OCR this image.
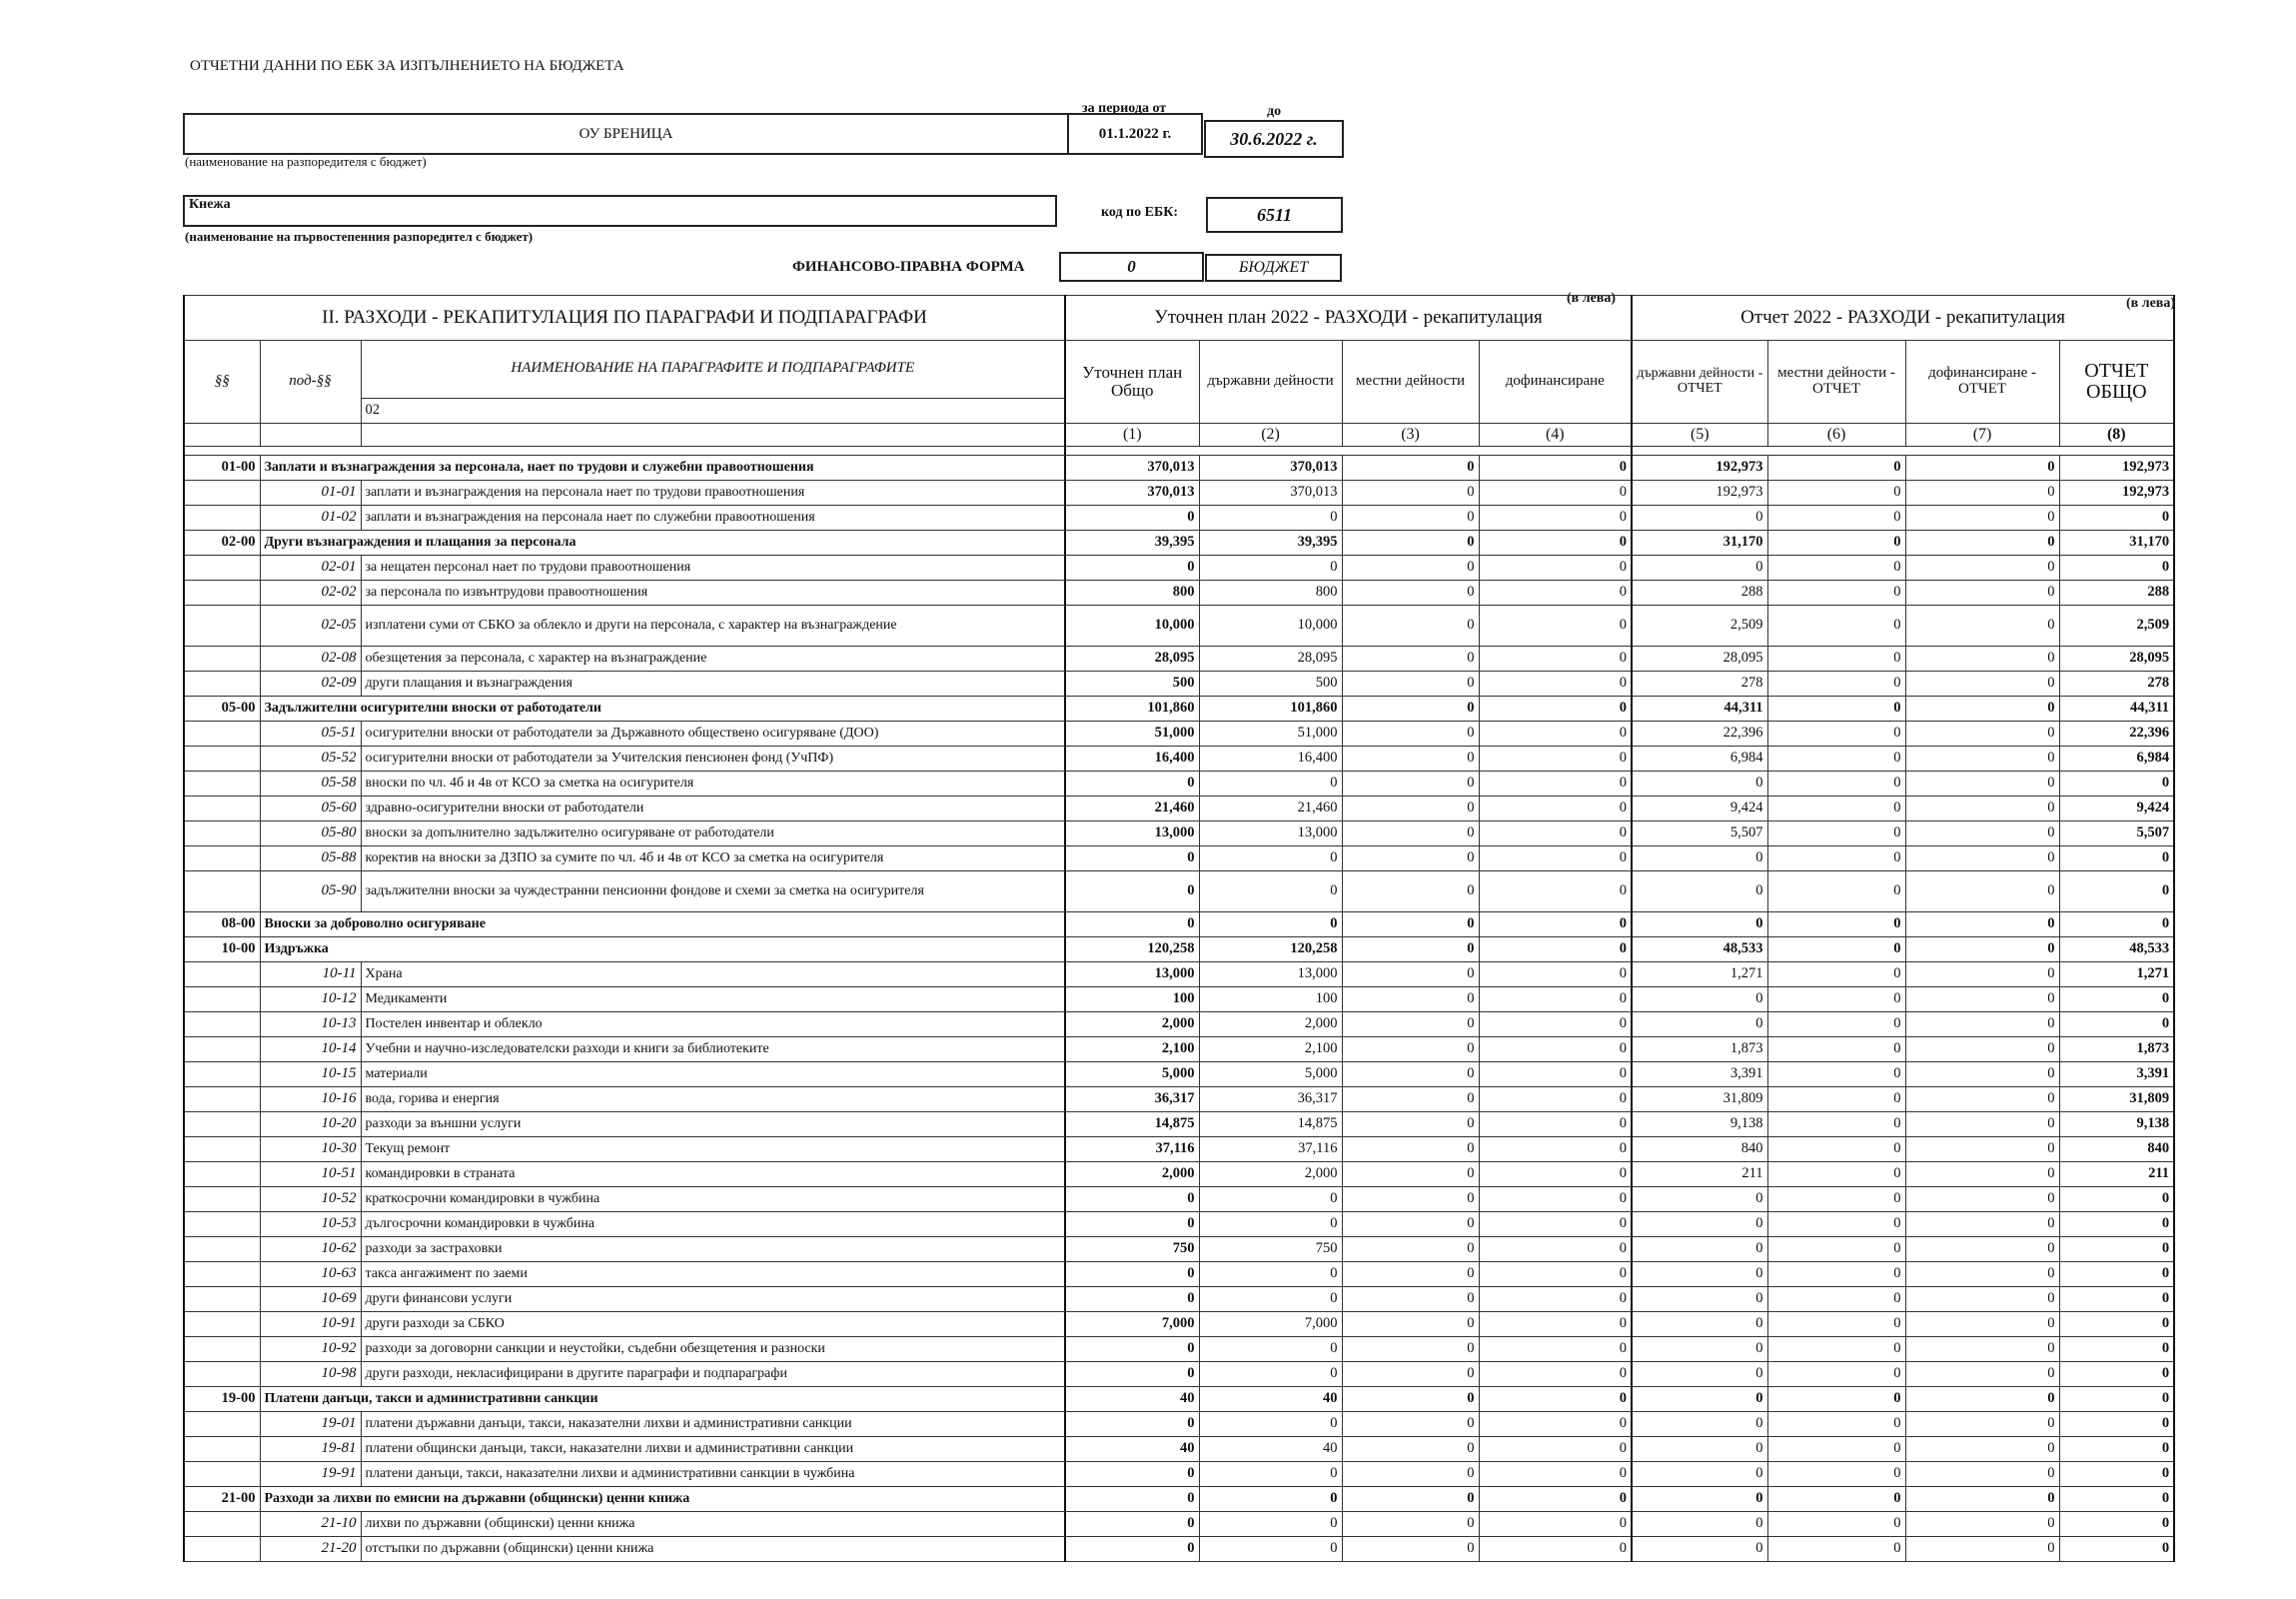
ОТЧЕТНИ ДАННИ ПО ЕБК ЗА ИЗПЪЛНЕНИЕТО НА БЮДЖЕТА
за периода от	до
ОУ БРЕНИЦА	01.1.2022 г.	30.6.2022 г.
(наименование на разпоредителя с бюджет)
Кнежа
(наименование на първостепенния разпоредител с бюджет)
код по ЕБК:	6511
ФИНАНСОВО-ПРАВНА ФОРМА	0	БЮДЖЕТ
(в лева)	(в лева)
II. РАЗХОДИ - РЕКАПИТУЛАЦИЯ ПО ПАРАГРАФИ И ПОДПАРАГРАФИ			Уточнен план 2022 - РАЗХОДИ - рекапитулация				Отчет 2022 - РАЗХОДИ - рекапитулация			
§§	под-§§	НАИМЕНОВАНИЕ НА ПАРАГРАФИТЕ И ПОДПАРАГРАФИТЕ	Уточнен план Общо	държавни дейности	местни дейности	дофинансиране	държавни дейности - ОТЧЕТ	местни дейности - ОТЧЕТ	дофинансиране - ОТЧЕТ	ОТЧЕТ ОБЩО
		02								
			(1)	(2)	(3)	(4)	(5)	(6)	(7)	(8)

01-00	Заплати и възнаграждения за персонала, нает по трудови и служебни правоотношения		370,013	370,013	0	0	192,973	0	0	192,973
	01-01	заплати и възнаграждения на персонала нает по трудови правоотношения	370,013	370,013	0	0	192,973	0	0	192,973
	01-02	заплати и възнаграждения на персонала нает по служебни правоотношения	0	0	0	0	0	0	0	0
02-00	Други възнаграждения и плащания за персонала		39,395	39,395	0	0	31,170	0	0	31,170
	02-01	за нещатен персонал нает по трудови правоотношения	0	0	0	0	0	0	0	0
	02-02	за персонала по извънтрудови правоотношения	800	800	0	0	288	0	0	288
	02-05	изплатени суми от СБКО за облекло и други на персонала, с характер на възнаграждение	10,000	10,000	0	0	2,509	0	0	2,509
	02-08	обезщетения за персонала, с характер на възнаграждение	28,095	28,095	0	0	28,095	0	0	28,095
	02-09	други плащания и възнаграждения	500	500	0	0	278	0	0	278
05-00	Задължителни осигурителни вноски от работодатели		101,860	101,860	0	0	44,311	0	0	44,311
	05-51	осигурителни вноски от работодатели за Държавното обществено осигуряване (ДОО)	51,000	51,000	0	0	22,396	0	0	22,396
	05-52	осигурителни вноски от работодатели за Учителския пенсионен фонд (УчПФ)	16,400	16,400	0	0	6,984	0	0	6,984
	05-58	вноски по чл. 4б и 4в от КСО за сметка на осигурителя	0	0	0	0	0	0	0	0
	05-60	здравно-осигурителни вноски от работодатели	21,460	21,460	0	0	9,424	0	0	9,424
	05-80	вноски за допълнително задължително осигуряване от работодатели	13,000	13,000	0	0	5,507	0	0	5,507
	05-88	коректив на вноски за ДЗПО за сумите по чл. 4б и 4в от КСО за сметка на осигурителя	0	0	0	0	0	0	0	0
	05-90	задължителни вноски за чуждестранни пенсионни фондове и схеми за сметка на осигурителя	0	0	0	0	0	0	0	0
08-00	Вноски за доброволно осигуряване		0	0	0	0	0	0	0	0
10-00	Издръжка		120,258	120,258	0	0	48,533	0	0	48,533
	10-11	Храна	13,000	13,000	0	0	1,271	0	0	1,271
	10-12	Медикаменти	100	100	0	0	0	0	0	0
	10-13	Постелен инвентар и облекло	2,000	2,000	0	0	0	0	0	0
	10-14	Учебни и научно-изследователски разходи и книги за библиотеките	2,100	2,100	0	0	1,873	0	0	1,873
	10-15	материали	5,000	5,000	0	0	3,391	0	0	3,391
	10-16	вода, горива и енергия	36,317	36,317	0	0	31,809	0	0	31,809
	10-20	разходи за външни услуги	14,875	14,875	0	0	9,138	0	0	9,138
	10-30	Текущ ремонт	37,116	37,116	0	0	840	0	0	840
	10-51	командировки в страната	2,000	2,000	0	0	211	0	0	211
	10-52	краткосрочни командировки в чужбина	0	0	0	0	0	0	0	0
	10-53	дългосрочни командировки в чужбина	0	0	0	0	0	0	0	0
	10-62	разходи за застраховки	750	750	0	0	0	0	0	0
	10-63	такса ангажимент по заеми	0	0	0	0	0	0	0	0
	10-69	други финансови услуги	0	0	0	0	0	0	0	0
	10-91	други разходи за СБКО	7,000	7,000	0	0	0	0	0	0
	10-92	разходи за договорни санкции и неустойки, съдебни обезщетения и разноски	0	0	0	0	0	0	0	0
	10-98	други разходи, некласифицирани в другите параграфи и подпараграфи	0	0	0	0	0	0	0	0
19-00	Платени данъци, такси и административни санкции		40	40	0	0	0	0	0	0
	19-01	платени държавни данъци, такси, наказателни лихви и административни санкции	0	0	0	0	0	0	0	0
	19-81	платени общински данъци, такси, наказателни лихви и административни санкции	40	40	0	0	0	0	0	0
	19-91	платени данъци, такси, наказателни лихви и административни санкции в чужбина	0	0	0	0	0	0	0	0
21-00	Разходи за лихви по емисии на държавни (общински) ценни книжа		0	0	0	0	0	0	0	0
	21-10	лихви по държавни (общински) ценни книжа	0	0	0	0	0	0	0	0
	21-20	отстъпки по държавни (общински) ценни книжа	0	0	0	0	0	0	0	0
